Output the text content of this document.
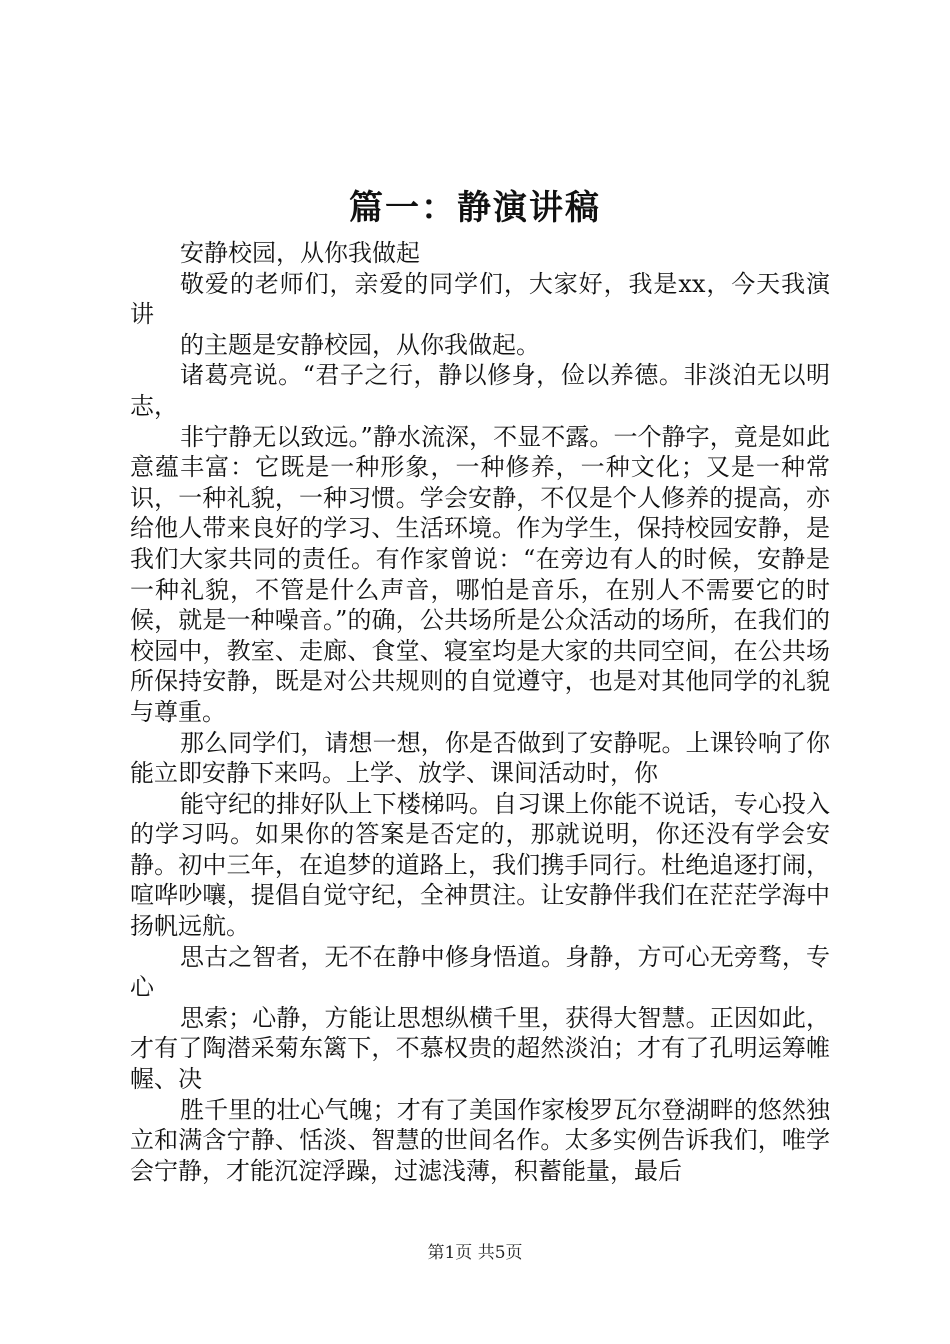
篇一：静演讲稿

安静校园，从你我做起

敬爱的老师们，亲爱的同学们，大家好，我是xx，今天我演讲

的主题是安静校园，从你我做起。

诸葛亮说。“君子之行，静以修身，俭以养德。非淡泊无以明志，

非宁静无以致远。”静水流深，不显不露。一个静字，竟是如此意蕴丰富：它既是一种形象，一种修养，一种文化；又是一种常识，一种礼貌，一种习惯。学会安静，不仅是个人修养的提高，亦给他人带来良好的学习、生活环境。作为学生，保持校园安静，是我们大家共同的责任。有作家曾说：“在旁边有人的时候，安静是一种礼貌，不管是什么声音，哪怕是音乐，在别人不需要它的时候，就是一种噪音。”的确，公共场所是公众活动的场所，在我们的校园中，教室、走廊、食堂、寝室均是大家的共同空间，在公共场所保持安静，既是对公共规则的自觉遵守，也是对其他同学的礼貌与尊重。

那么同学们，请想一想，你是否做到了安静呢。上课铃响了你能立即安静下来吗。上学、放学、课间活动时，你

能守纪的排好队上下楼梯吗。自习课上你能不说话，专心投入的学习吗。如果你的答案是否定的，那就说明，你还没有学会安静。初中三年，在追梦的道路上，我们携手同行。杜绝追逐打闹，喧哗吵嚷，提倡自觉守纪，全神贯注。让安静伴我们在茫茫学海中扬帆远航。

思古之智者，无不在静中修身悟道。身静，方可心无旁骛，专心

思索；心静，方能让思想纵横千里，获得大智慧。正因如此，才有了陶潜采菊东篱下，不慕权贵的超然淡泊；才有了孔明运筹帷幄、决

胜千里的壮心气魄；才有了美国作家梭罗瓦尔登湖畔的悠然独立和满含宁静、恬淡、智慧的世间名作。太多实例告诉我们，唯学会宁静，才能沉淀浮躁，过滤浅薄，积蓄能量，最后

第1页 共5页
